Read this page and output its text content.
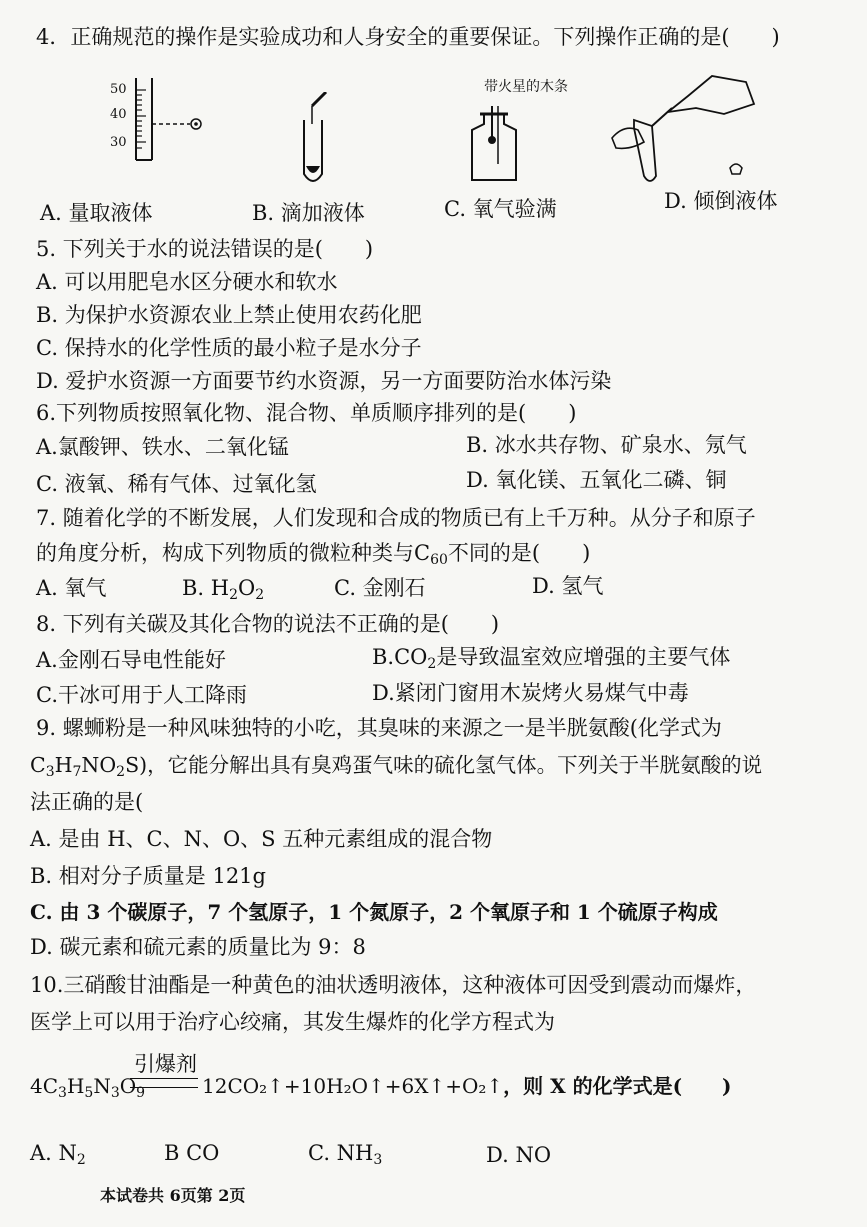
4．正确规范的操作是实验成功和人身安全的重要保证。下列操作正确的是(　　)
50
40
30
带火星的木条
A. 量取液体	B. 滴加液体	C. 氧气验满	D. 倾倒液体
5. 下列关于水的说法错误的是(　　)
A. 可以用肥皂水区分硬水和软水
B. 为保护水资源农业上禁止使用农药化肥
C. 保持水的化学性质的最小粒子是水分子
D. 爱护水资源一方面要节约水资源，另一方面要防治水体污染
6.下列物质按照氧化物、混合物、单质顺序排列的是(　　)
A.氯酸钾、铁水、二氧化锰	B. 冰水共存物、矿泉水、氖气
C. 液氧、稀有气体、过氧化氢	D. 氧化镁、五氧化二磷、铜
7. 随着化学的不断发展，人们发现和合成的物质已有上千万种。从分子和原子
的角度分析，构成下列物质的微粒种类与$C_{60}$不同的是(　　)
A. 氧气	B. $H_2O_2$	C. 金刚石	D. 氢气
8. 下列有关碳及其化合物的说法不正确的是(　　)
A.金刚石导电性能好	$B.CO_2$是导致温室效应增强的主要气体
C.干冰可用于人工降雨	D.紧闭门窗用木炭烤火易煤气中毒
9. 螺蛳粉是一种风味独特的小吃，其臭味的来源之一是半胱氨酸(化学式为
$C_3H_7NO_2S$)，它能分解出具有臭鸡蛋气味的硫化氢气体。下列关于半胱氨酸的说
法正确的是(
A. 是由 H、C、N、O、S 五种元素组成的混合物
B. 相对分子质量是 121g
C. 由 3 个碳原子，7 个氢原子，1 个氮原子，2 个氧原子和 1 个硫原子构成
D. 碳元素和硫元素的质量比为 9：8
10.三硝酸甘油酯是一种黄色的油状透明液体，这种液体可因受到震动而爆炸，
医学上可以用于治疗心绞痛，其发生爆炸的化学方程式为
引爆剂
$4C_3H_5N_3O_9$	12CO₂↑+10H₂O↑+6X↑+O₂↑，则 X 的化学式是(　　)
A. $N_2$	B CO	C. $NH_3$	D. NO
本试卷共 6页第 2页
